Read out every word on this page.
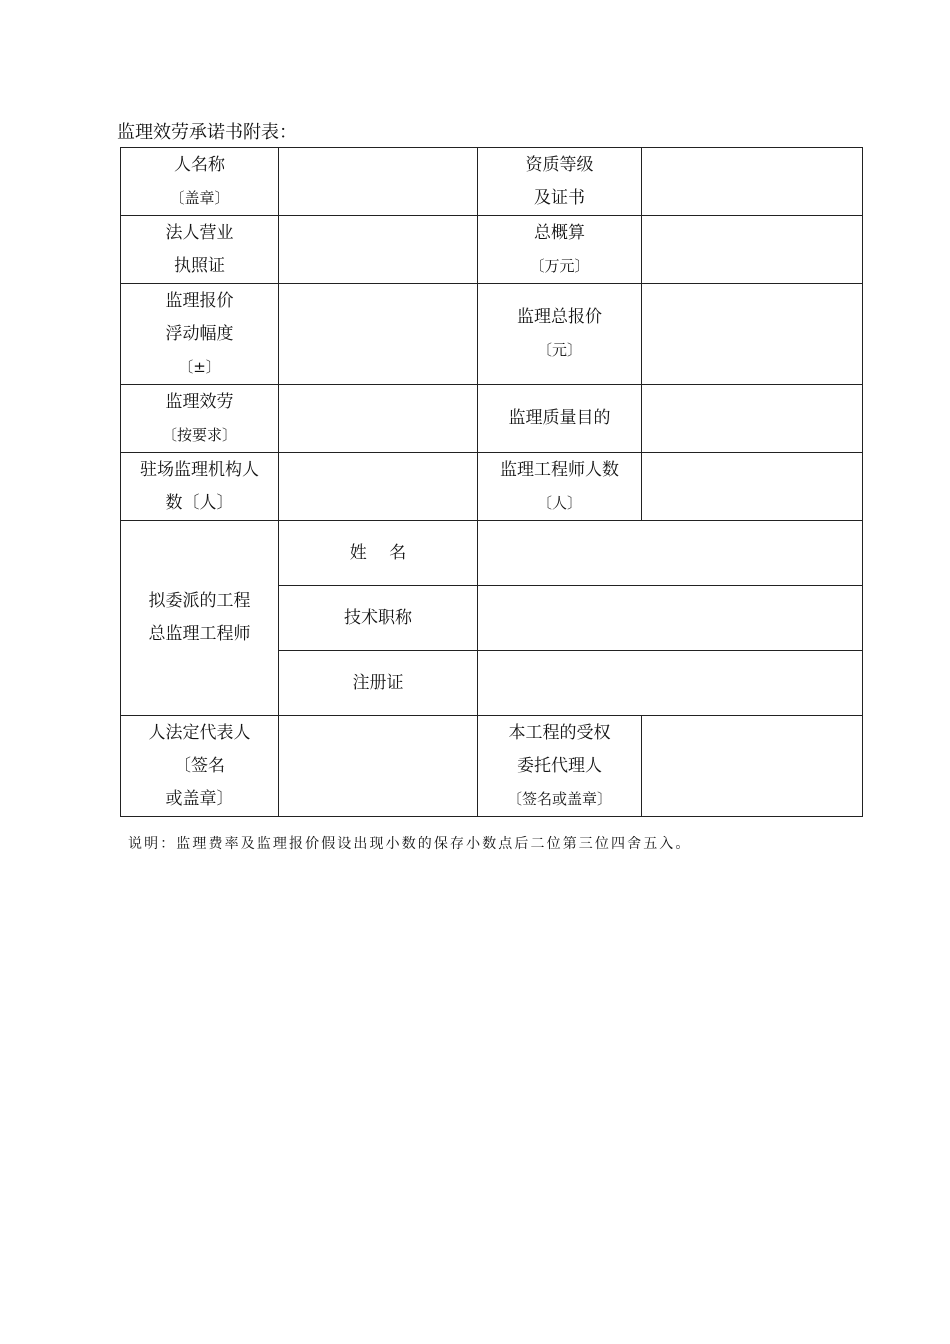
监理效劳承诺书附表：
人名称
〔盖章〕		资质等级
及证书	

法人营业
执照证		总概算
〔万元〕	

监理报价
浮动幅度
〔±〕		监理总报价
〔元〕	

监理效劳
〔按要求〕		监理质量目的	

驻场监理机构人
数〔人〕		监理工程师人数
〔人〕	

拟委派的工程
总监理工程师	姓　 名		
	技术职称		
	注册证		

人法定代表人
〔签名
或盖章〕		本工程的受权
委托代理人
〔签名或盖章〕	

说明：监理费率及监理报价假设出现小数的保存小数点后二位第三位四舍五入。
